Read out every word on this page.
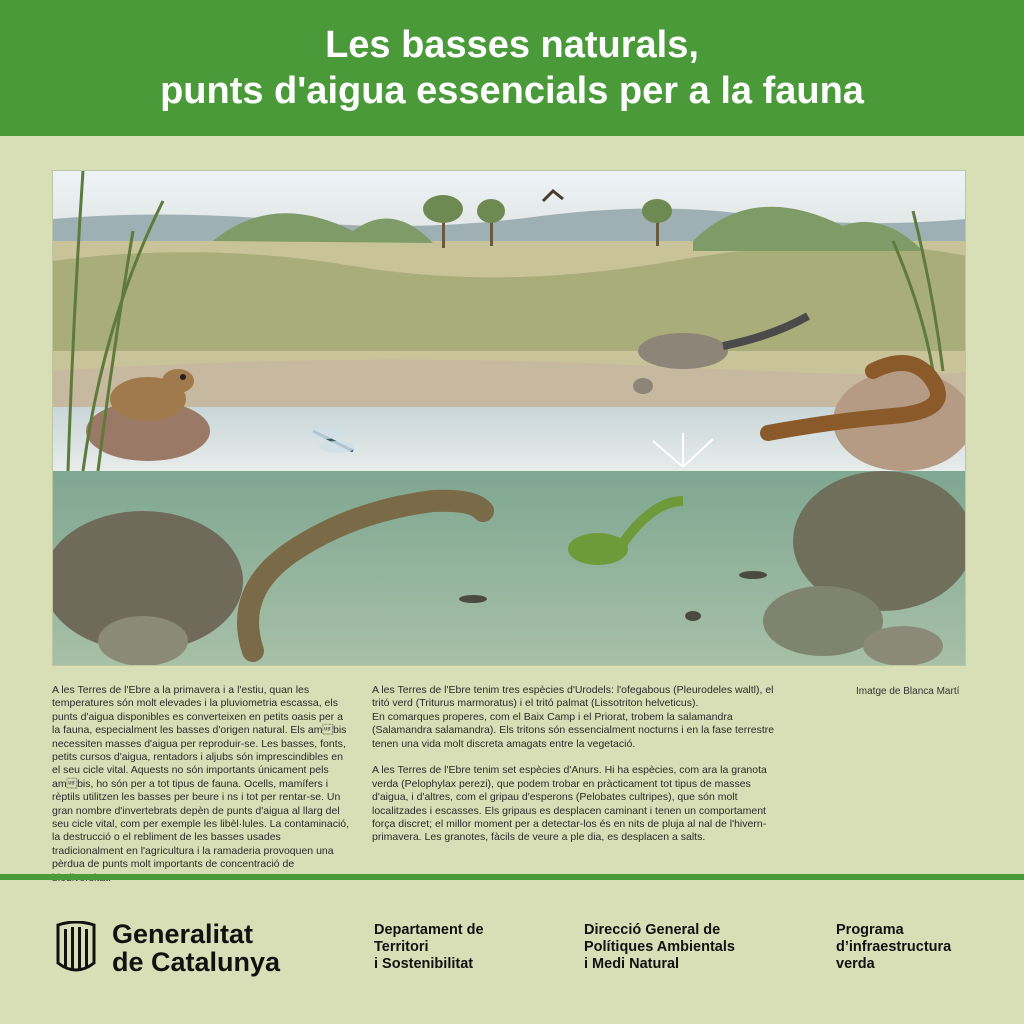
Les basses naturals,
punts d'aigua essencials per a la fauna
A les Terres de l'Ebre a la primavera i a l'estiu, quan les temperatures són molt elevades i la pluviometria escassa, els punts d'aigua disponibles es converteixen en petits oasis per a la fauna, especialment les basses d'origen natural. Els ambis necessiten masses d'aigua per reproduir-se. Les basses, fonts, petits cursos d'aigua, rentadors i aljubs són imprescindibles en el seu cicle vital. Aquests no són importants únicament pels ambis, ho són per a tot tipus de fauna. Ocells, mamífers i rèptils utilitzen les basses per beure i ns i tot per rentar-se. Un gran nombre d'invertebrats depèn de punts d'aigua al llarg del seu cicle vital, com per exemple les libèl·lules. La contaminació, la destrucció o el rebliment de les basses usades tradicionalment en l'agricultura i la ramaderia provoquen una pèrdua de punts molt importants de concentració de
A les Terres de l'Ebre tenim tres espècies d'Urodels: l'ofegabous (Pleurodeles waltl), el tritó verd (Triturus marmoratus) i el tritó palmat (Lissotriton helveticus).

En comarques properes, com el Baix Camp i el Priorat, trobem la salamandra (Salamandra salamandra). Els tritons són essencialment nocturns i en la fase terrestre tenen una vida molt discreta amagats entre la vegetació.

A les Terres de l'Ebre tenim set espècies d'Anurs. Hi ha espècies, com ara la granota verda (Pelophylax perezi), que podem trobar en pràcticament tot tipus de masses d'aigua, i d'altres, com el gripau d'esperons (Pelobates cultripes), que són molt localitzades i escasses. Els gripaus es desplacen caminant i tenen un comportament força discret; el millor moment per a detectar-los és en nits de pluja al nal de l'hivern-primavera. Les granotes, fàcils de veure a ple dia, es desplacen a salts.

Imatge de Blanca Martí
Generalitat
de Catalunya
Departament de
Territori
i Sostenibilitat
Direcció General de
Polítiques Ambientals
i Medi Natural
Programa
d’infraestructura
verda
